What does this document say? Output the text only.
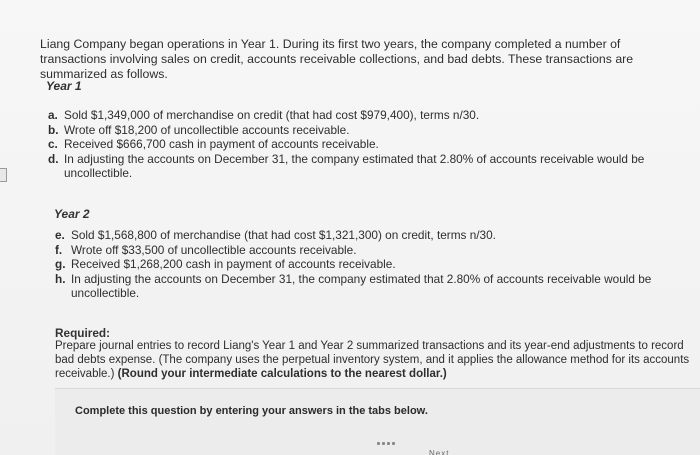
Liang Company began operations in Year 1. During its first two years, the company completed a number of transactions involving sales on credit, accounts receivable collections, and bad debts. These transactions are summarized as follows.

Year 1
a. Sold $1,349,000 of merchandise on credit (that had cost $979,400), terms n/30.
b. Wrote off $18,200 of uncollectible accounts receivable.
c. Received $666,700 cash in payment of accounts receivable.
d. In adjusting the accounts on December 31, the company estimated that 2.80% of accounts receivable would be uncollectible.
Year 2
e. Sold $1,568,800 of merchandise (that had cost $1,321,300) on credit, terms n/30.
f. Wrote off $33,500 of uncollectible accounts receivable.
g. Received $1,268,200 cash in payment of accounts receivable.
h. In adjusting the accounts on December 31, the company estimated that 2.80% of accounts receivable would be uncollectible.
Required:

Prepare journal entries to record Liang's Year 1 and Year 2 summarized transactions and its year-end adjustments to record bad debts expense. (The company uses the perpetual inventory system, and it applies the allowance method for its accounts receivable.) (Round your intermediate calculations to the nearest dollar.)

Complete this question by entering your answers in the tabs below.
Next
